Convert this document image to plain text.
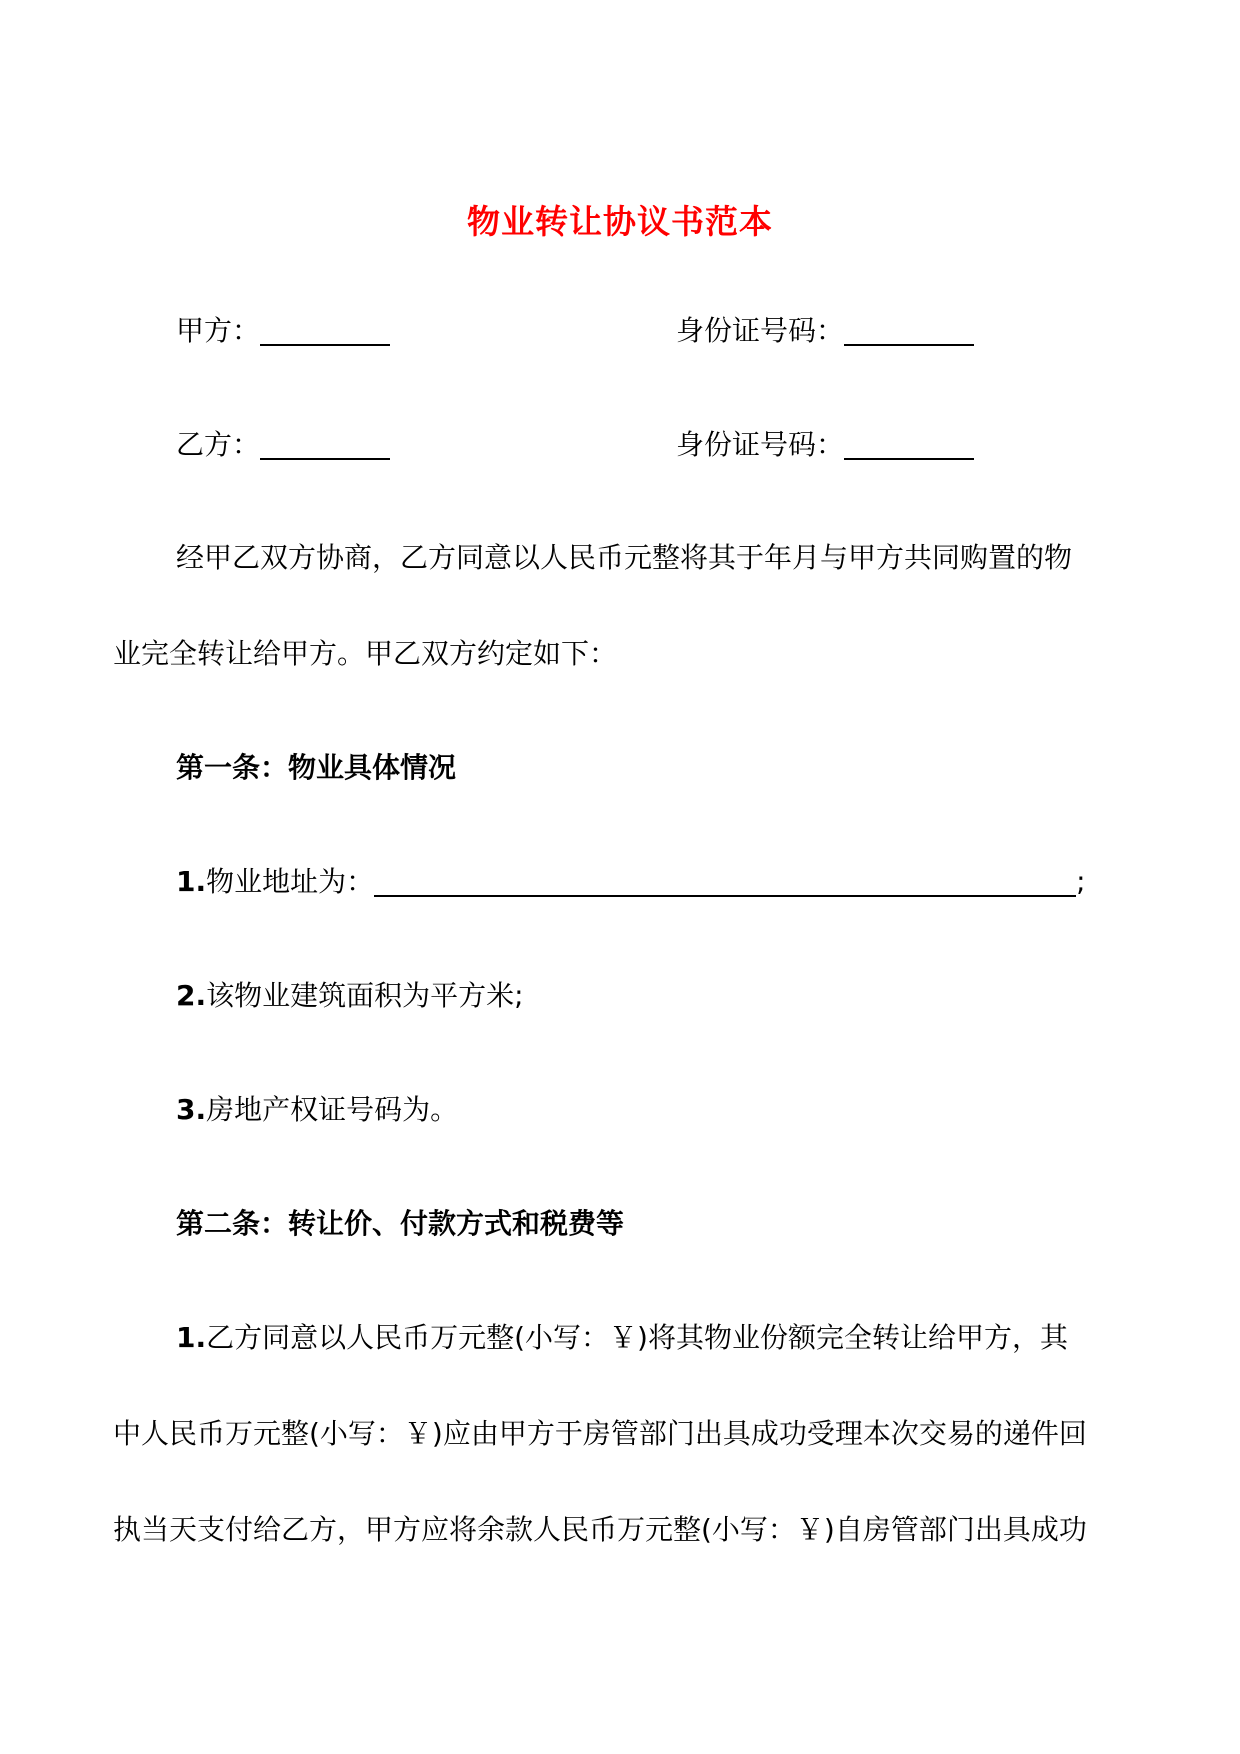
物业转让协议书范本
甲方：	身份证号码：
乙方：	身份证号码：
经甲乙双方协商，乙方同意以人民币元整将其于年月与甲方共同购置的物
业完全转让给甲方。甲乙双方约定如下：
第一条：物业具体情况
1.物业地址为：	;
2.该物业建筑面积为平方米;
3.房地产权证号码为。
第二条：转让价、付款方式和税费等
1.乙方同意以人民币万元整(小写：￥)将其物业份额完全转让给甲方，其
中人民币万元整(小写：￥)应由甲方于房管部门出具成功受理本次交易的递件回
执当天支付给乙方，甲方应将余款人民币万元整(小写：￥)自房管部门出具成功
